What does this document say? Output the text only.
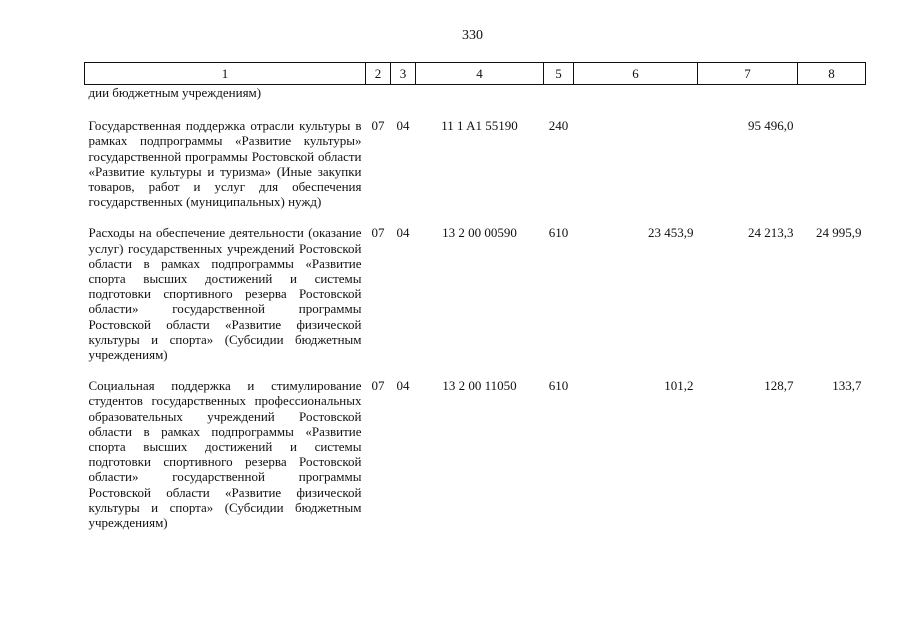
330
1	2	3	4	5	6	7	8
дии бюджетным учреждениям)							
Государственная поддержка отрасли культуры в рамках подпрограммы «Развитие культуры» государственной программы Ростовской области «Развитие культуры и туризма» (Иные закупки товаров, работ и услуг для обеспечения государственных (муниципальных) нужд)	07	04	11 1 A1 55190	240		95 496,0	
Расходы на обеспечение деятельности (оказание услуг) государственных учреждений Ростовской области в рамках подпрограммы «Развитие спорта высших достижений и системы подготовки спортивного резерва Ростовской области» государственной программы Ростовской области «Развитие физической культуры и спорта» (Субсидии бюджетным учреждениям)	07	04	13 2 00 00590	610	23 453,9	24 213,3	24 995,9
Социальная поддержка и стимулирование студентов государственных профессиональных образовательных учреждений Ростовской области в рамках подпрограммы «Развитие спорта высших достижений и системы подготовки спортивного резерва Ростовской области» государственной программы Ростовской области «Развитие физической культуры и спорта» (Субсидии бюджетным учреждениям)	07	04	13 2 00 11050	610	101,2	128,7	133,7
